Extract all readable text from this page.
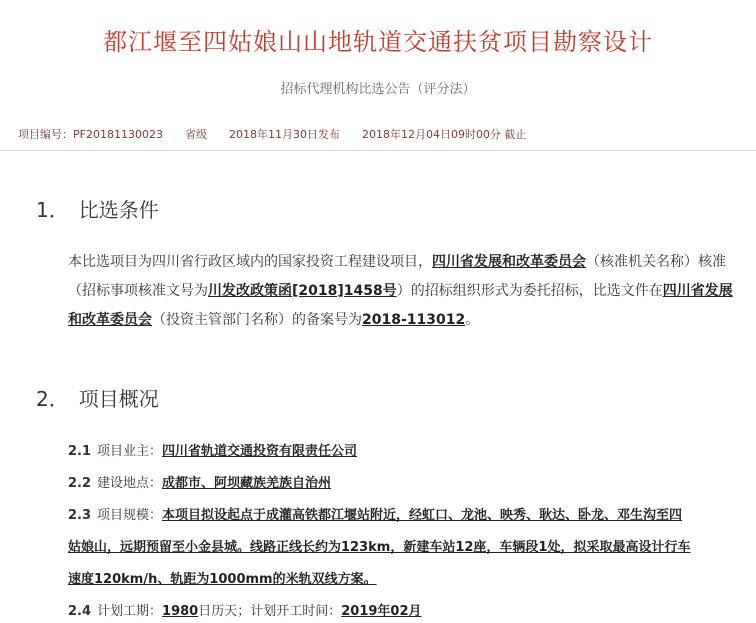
都江堰至四姑娘山山地轨道交通扶贫项目勘察设计
招标代理机构比选公告（评分法）
项目编号：PF20181130023 省级 2018年11月30日发布 2018年12月04日09时00分 截止
1． 比选条件
本比选项目为四川省行政区域内的国家投资工程建设项目，四川省发展和改革委员会（核准机关名称）核准
（招标事项核准文号为川发改政策函[2018]1458号）的招标组织形式为委托招标，比选文件在四川省发展
和改革委员会（投资主管部门名称）的备案号为2018-113012。
2． 项目概况
2.1 项目业主：四川省轨道交通投资有限责任公司
2.2 建设地点：成都市、阿坝藏族羌族自治州
2.3 项目规模：本项目拟设起点于成灌高铁都江堰站附近，经虹口、龙池、映秀、耿达、卧龙、邓生沟至四
姑娘山，远期预留至小金县城。线路正线长约为123km，新建车站12座，车辆段1处，拟采取最高设计行车
速度120km/h、轨距为1000mm的米轨双线方案。
2.4 计划工期：1980日历天；计划开工时间：2019年02月
